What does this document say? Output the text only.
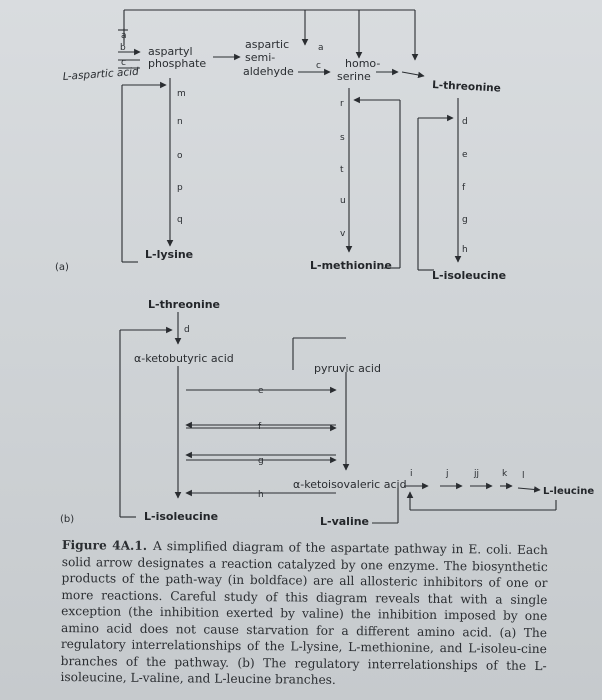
L-aspartic acid
aspartyl
phosphate
aspartic
semi-
aldehyde
homo-
serine
L-threonine
L-lysine
L-methionine
L-isoleucine
(a)
a
b
c
a
c
m
n
o
p
q
r
s
t
u
v
d
e
f
g
h
L-threonine
α-ketobutyric acid
pyruvic acid
α-ketoisovaleric acid
L-leucine
L-isoleucine	L-valine
(b)
d
e
f
g
h
i	j	jj	k l
Figure 4A.1. A simplified diagram of the aspartate pathway in E. coli. Each solid arrow designates a reaction catalyzed by one enzyme. The biosynthetic products of the path-way (in boldface) are all allosteric inhibitors of one or more reactions. Careful study of this diagram reveals that with a single exception (the inhibition exerted by valine) the inhibition imposed by one amino acid does not cause starvation for a different amino acid. (a) The regulatory interrelationships of the L-lysine, L-methionine, and L-isoleu-cine branches of the pathway. (b) The regulatory interrelationships of the L-isoleucine, L-valine, and L-leucine branches.
